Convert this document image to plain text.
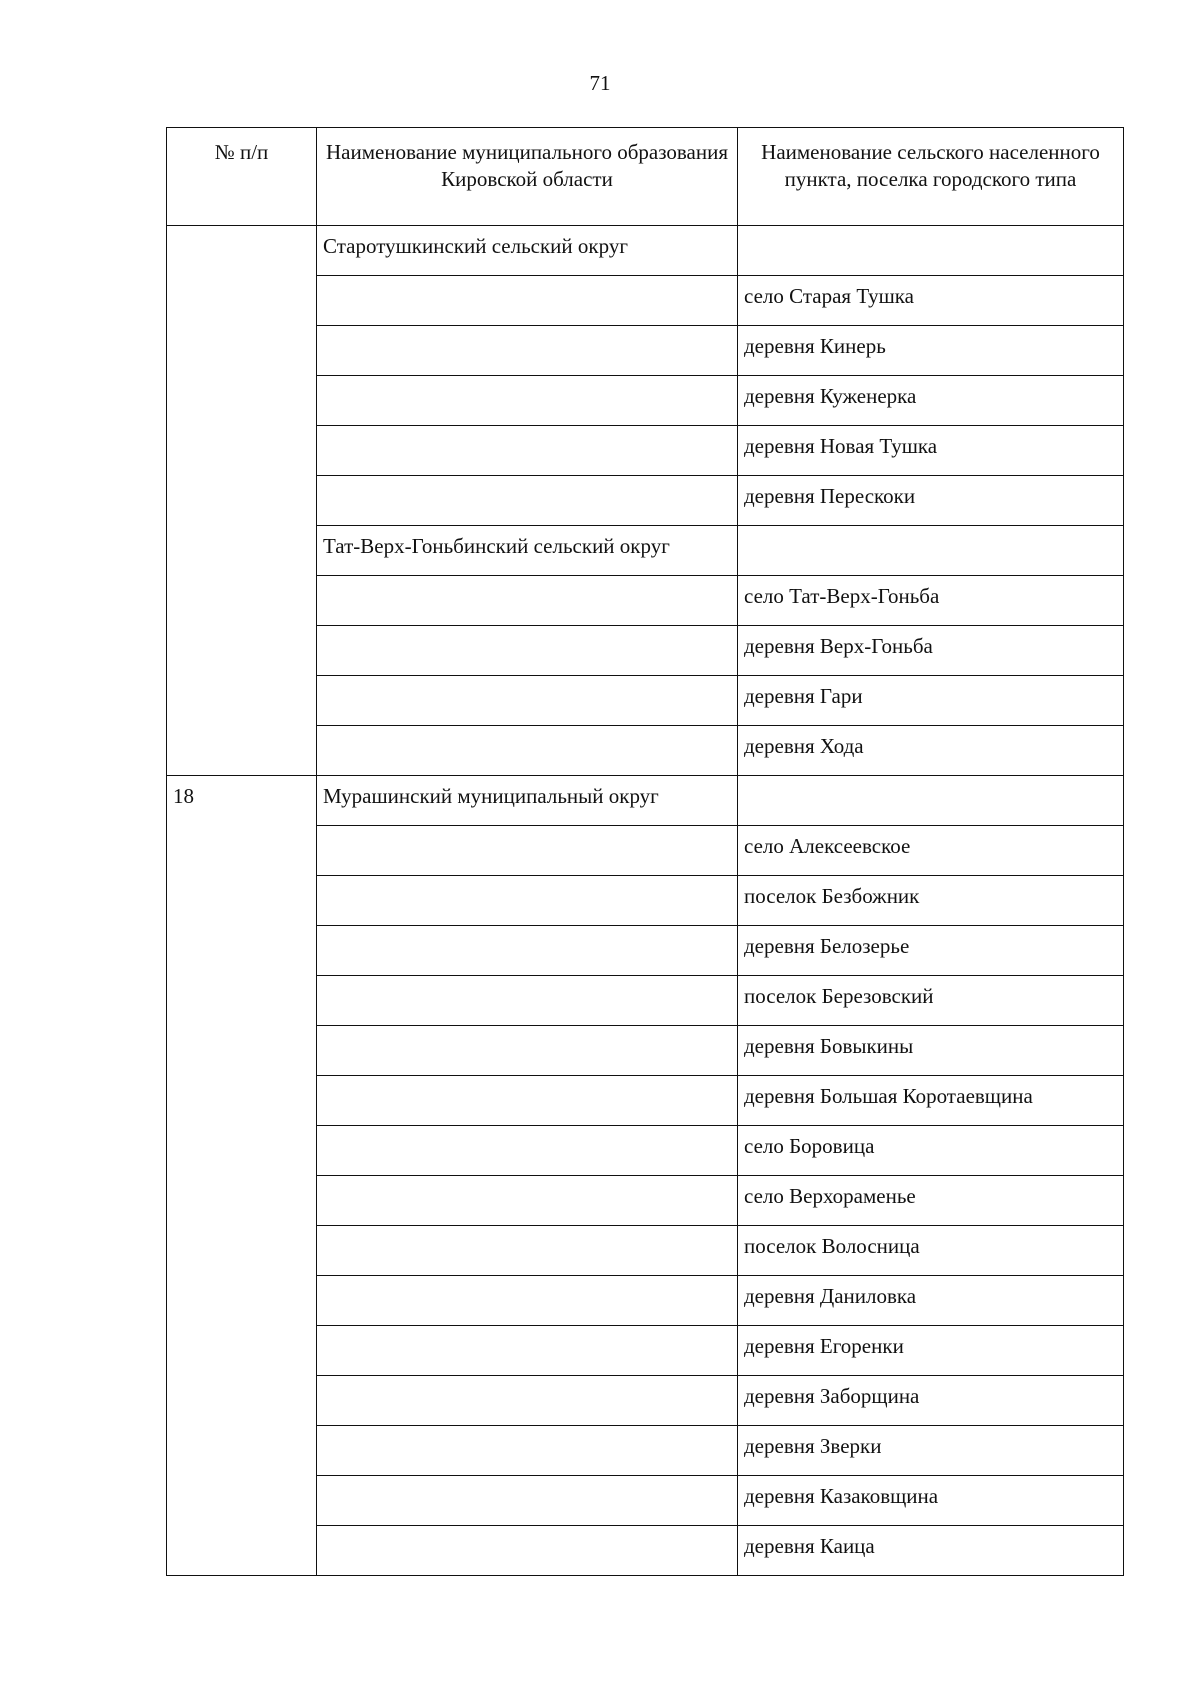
71
№ п/п	Наименование муниципального образования Кировской области	Наименование сельского населенного пункта, поселка городского типа
	Старотушкинский сельский округ	
		село Старая Тушка
		деревня Кинерь
		деревня Куженерка
		деревня Новая Тушка
		деревня Перескоки
	Тат-Верх-Гоньбинский сельский округ	
		село Тат-Верх-Гоньба
		деревня Верх-Гоньба
		деревня Гари
		деревня Хода
18	Мурашинский муниципальный округ	
		село Алексеевское
		поселок Безбожник
		деревня Белозерье
		поселок Березовский
		деревня Бовыкины
		деревня Большая Коротаевщина
		село Боровица
		село Верхораменье
		поселок Волосница
		деревня Даниловка
		деревня Егоренки
		деревня Заборщина
		деревня Зверки
		деревня Казаковщина
		деревня Каица
